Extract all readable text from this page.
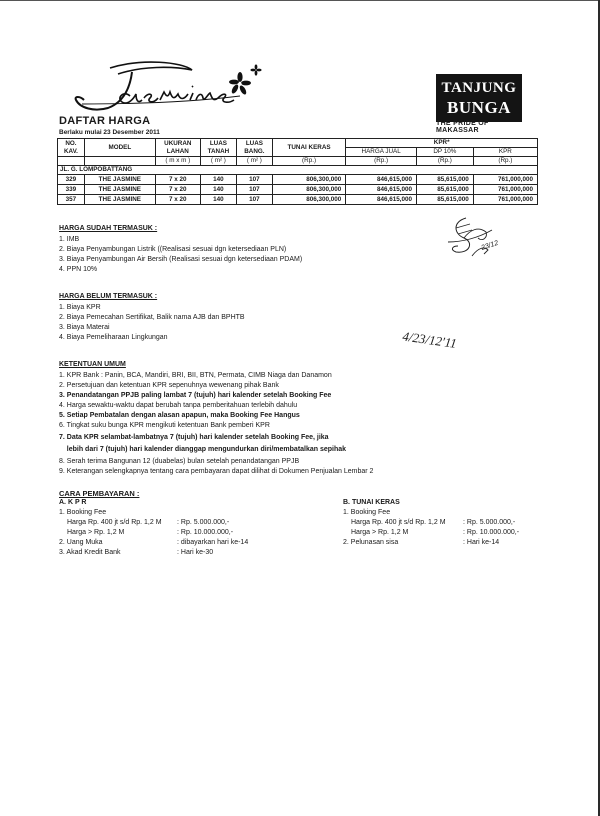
TANJUNG
BUNGA
THE PRIDE OF MAKASSAR
DAFTAR HARGA
Berlaku mulai 23 Desember 2011
NO. KAV.	MODEL	UKURAN LAHAN	LUAS TANAH	LUAS BANG.	TUNAI KERAS	KPR*		
						HARGA JUAL	DP 10%	KPR
		( m x m )	( m² )	( m² )	(Rp.)	(Rp.)	(Rp.)	(Rp.)
JL. G. LOMPOBATTANG								
329	THE JASMINE	7 x 20	140	107	806,300,000	846,615,000	85,615,000	761,000,000
339	THE JASMINE	7 x 20	140	107	806,300,000	846,615,000	85,615,000	761,000,000
357	THE JASMINE	7 x 20	140	107	806,300,000	846,615,000	85,615,000	761,000,000
HARGA SUDAH TERMASUK :
1. IMB
2. Biaya Penyambungan Listrik ((Realisasi sesuai dgn ketersediaan PLN)
3. Biaya Penyambungan Air Bersih (Realisasi sesuai dgn ketersediaan PDAM)
4. PPN 10%
HARGA BELUM TERMASUK :
1. Biaya KPR
2. Biaya Pemecahan Sertifikat, Balik nama AJB dan BPHTB
3. Biaya Materai
4. Biaya Pemeliharaan Lingkungan
KETENTUAN UMUM
1. KPR Bank : Panin, BCA, Mandiri, BRI, BII, BTN, Permata, CIMB Niaga dan Danamon
2. Persetujuan dan ketentuan KPR sepenuhnya wewenang pihak Bank
3. Penandatangan PPJB paling lambat 7 (tujuh) hari kalender setelah Booking Fee
4. Harga sewaktu-waktu dapat berubah tanpa pemberitahuan terlebih dahulu
5. Setiap Pembatalan dengan alasan apapun, maka Booking Fee Hangus
6. Tingkat suku bunga KPR mengikuti ketentuan Bank pemberi KPR
7. Data KPR selambat-lambatnya 7 (tujuh) hari kalender setelah Booking Fee, jika
lebih dari 7 (tujuh) hari kalender dianggap mengundurkan diri/membatalkan sepihak
8. Serah terima Bangunan 12 (duabelas) bulan setelah penandatangan PPJB
9. Keterangan selengkapnya tentang cara pembayaran dapat dilihat di Dokumen Penjualan Lembar 2
CARA PEMBAYARAN :
A. K P R
1. Booking Fee
Harga Rp. 400 jt s/d Rp. 1,2 M : Rp. 5.000.000,-
Harga > Rp. 1,2 M	: Rp. 10.000.000,-
2. Uang Muka	: dibayarkan hari ke-14
3. Akad Kredit Bank	: Hari ke-30
B. TUNAI KERAS
1. Booking Fee
Harga Rp. 400 jt s/d Rp. 1,2 M : Rp. 5.000.000,-
Harga > Rp. 1,2 M	: Rp. 10.000.000,-
2. Pelunasan sisa	: Hari ke-14
23/12
4/23/12'11
